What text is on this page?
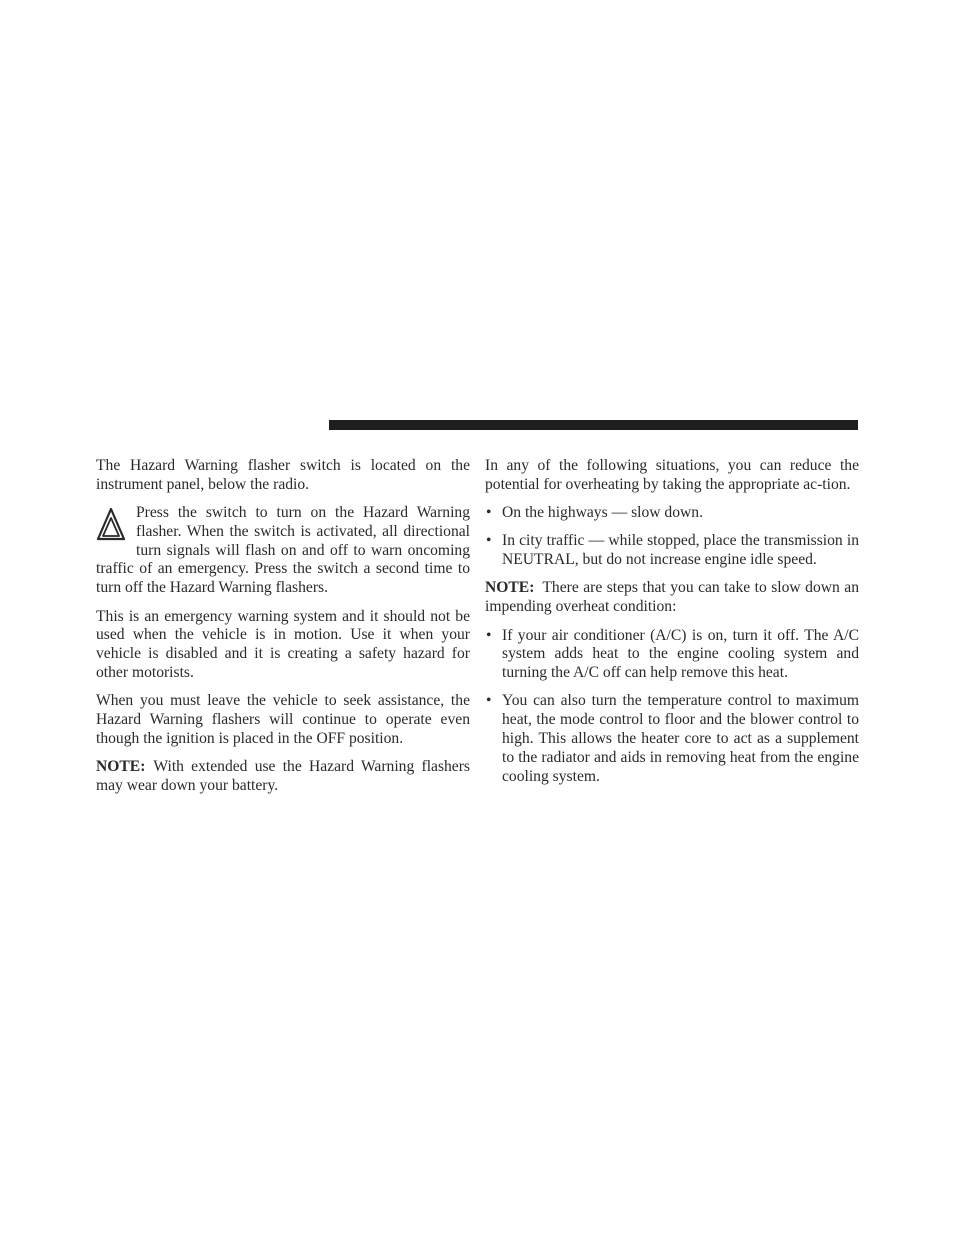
The Hazard Warning flasher switch is located on the instrument panel, below the radio.

Press the switch to turn on the Hazard Warning flasher. When the switch is activated, all directional turn signals will flash on and off to warn oncoming traffic of an emergency. Press the switch a second time to turn off the Hazard Warning flashers.

This is an emergency warning system and it should not be used when the vehicle is in motion. Use it when your vehicle is disabled and it is creating a safety hazard for other motorists.

When you must leave the vehicle to seek assistance, the Hazard Warning flashers will continue to operate even though the ignition is placed in the OFF position.

NOTE: With extended use the Hazard Warning flashers may wear down your battery.

In any of the following situations, you can reduce the potential for overheating by taking the appropriate ac-tion.

• On the highways — slow down.
• In city traffic — while stopped, place the transmission in NEUTRAL, but do not increase engine idle speed.

NOTE: There are steps that you can take to slow down an impending overheat condition:

• If your air conditioner (A/C) is on, turn it off. The A/C system adds heat to the engine cooling system and turning the A/C off can help remove this heat.
• You can also turn the temperature control to maximum heat, the mode control to floor and the blower control to high. This allows the heater core to act as a supplement to the radiator and aids in removing heat from the engine cooling system.
